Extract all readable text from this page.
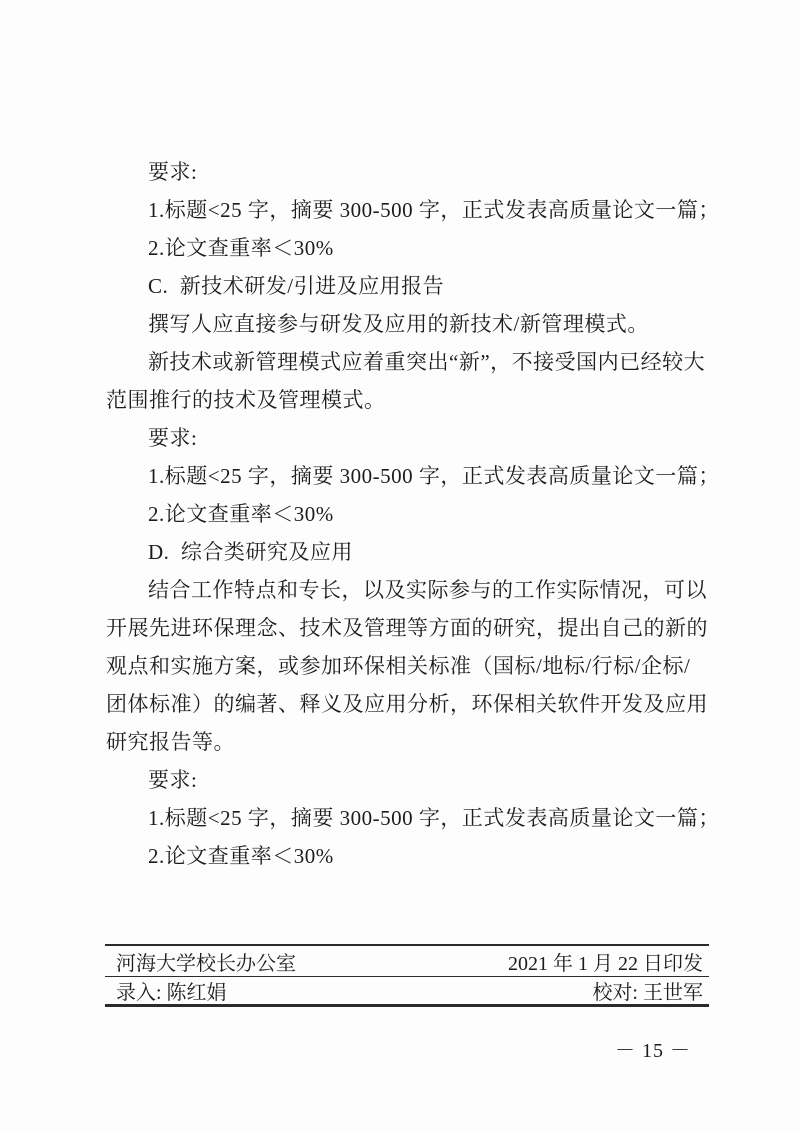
要求:
1.标题<25 字，摘要 300-500 字，正式发表高质量论文一篇；
2.论文查重率＜30%
C.  新技术研发/引进及应用报告
撰写人应直接参与研发及应用的新技术/新管理模式。
新技术或新管理模式应着重突出“新”，不接受国内已经较大
范围推行的技术及管理模式。
要求:
1.标题<25 字，摘要 300-500 字，正式发表高质量论文一篇；
2.论文查重率＜30%
D.  综合类研究及应用
结合工作特点和专长，以及实际参与的工作实际情况，可以
开展先进环保理念、技术及管理等方面的研究，提出自己的新的
观点和实施方案，或参加环保相关标准（国标/地标/行标/企标/
团体标准）的编著、释义及应用分析，环保相关软件开发及应用
研究报告等。
要求:
1.标题<25 字，摘要 300-500 字，正式发表高质量论文一篇；
2.论文查重率＜30%
河海大学校长办公室	2021 年 1 月 22 日印发
录入: 陈红娟	校对: 王世军
－ 15 －
